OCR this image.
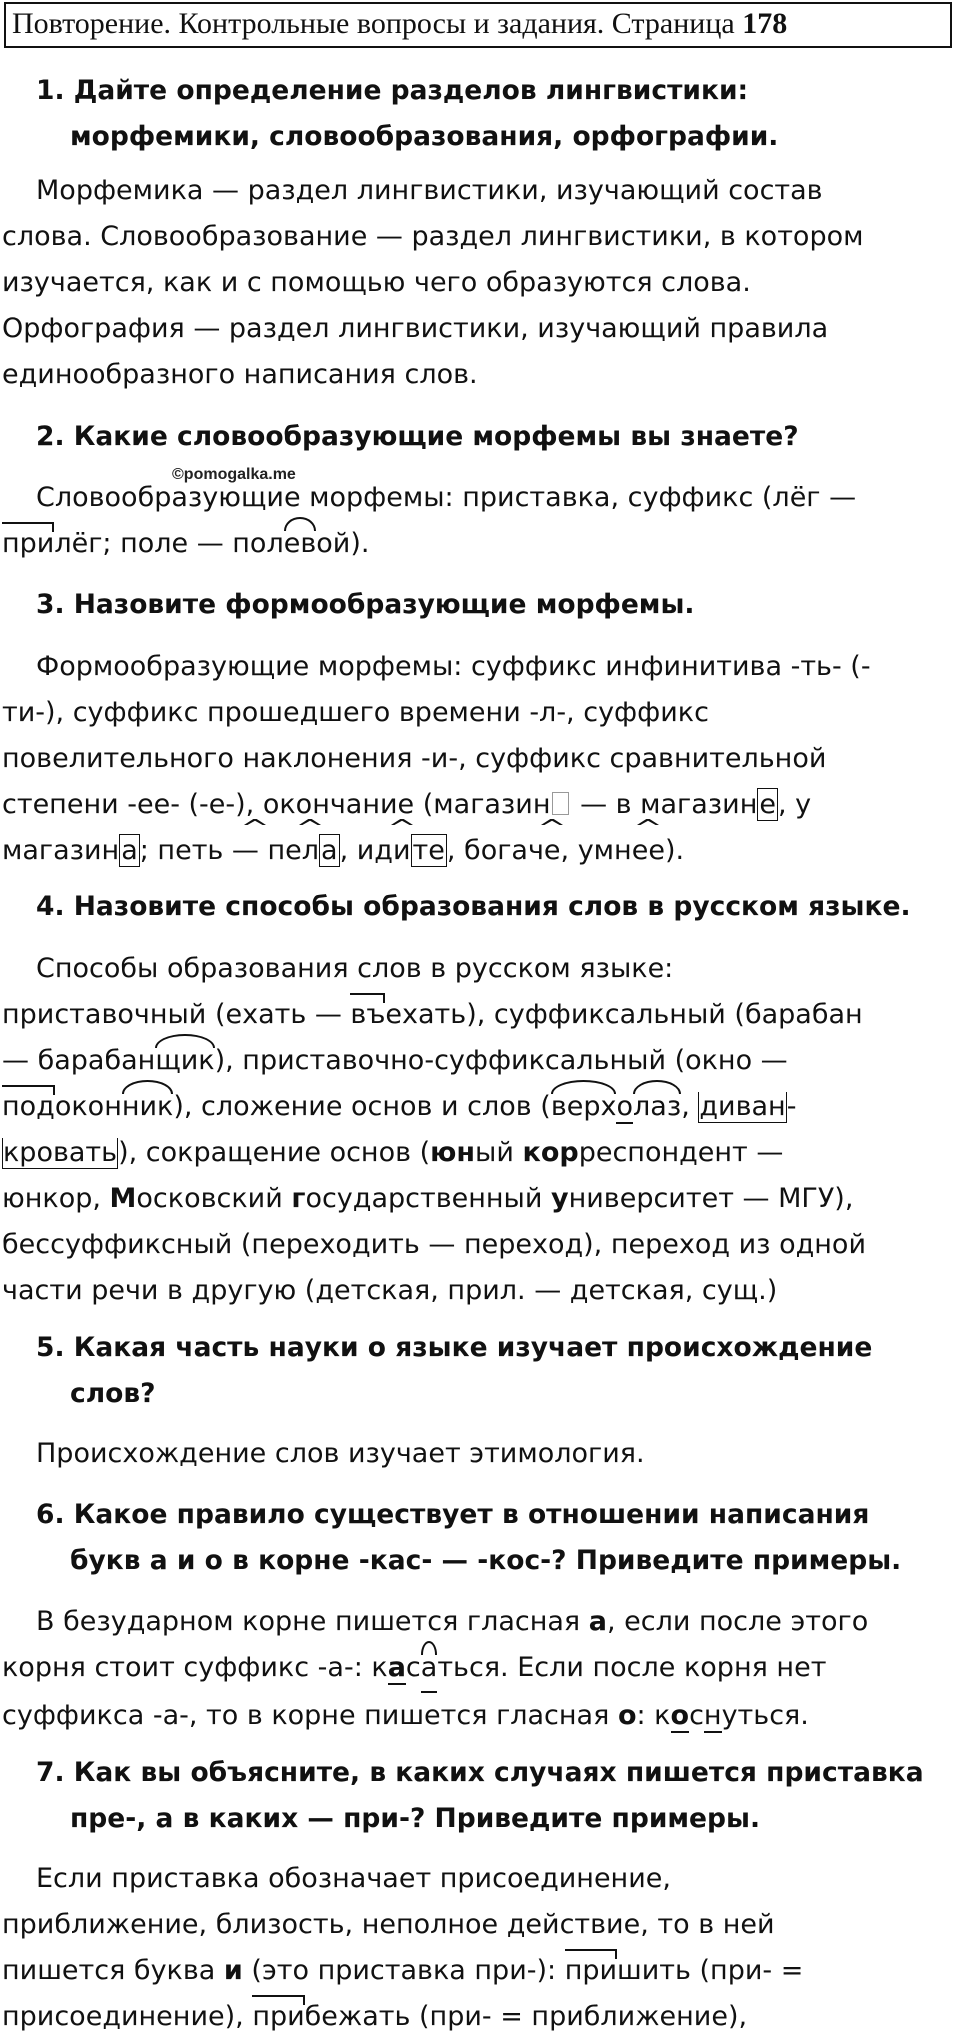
Повторение. Контрольные вопросы и задания. Страница 178
1. Дайте определение разделов лингвистики:
морфемики, словообразования, орфографии.
Морфемика — раздел лингвистики, изучающий состав
слова. Словообразование — раздел лингвистики, в котором
изучается, как и с помощью чего образуются слова.
Орфография — раздел лингвистики, изучающий правила
единообразного написания слов.
2. Какие словообразующие морфемы вы знаете?
©pomogalka.me
Словообразующие морфемы: приставка, суффикс (лёг —
прилёг; поле — полевой).
3. Назовите формообразующие морфемы.
Формообразующие морфемы: суффикс инфинитива -ть- (-
ти-), суффикс прошедшего времени -л-, суффикс
повелительного наклонения -и-, суффикс сравнительной
степени -ее- (-е-), окончание (магазин — в магазине, у
магазина; пет^ ь — пе^ ла, ид^ ите, богач^ е, умн^ ее).
4. Назовите способы образования слов в русском языке.
Способы образования слов в русском языке:
приставочный (ехать — въехать), суффиксальный (барабан
— барабанщик), приставочно-суффиксальный (окно —
подоконник), сложение основ и слов (верхолаз, диван-
кровать), сокращение основ (юный корреспондент —
юнкор, Московский государственный университет — МГУ),
бессуффиксный (переходить — переход), переход из одной
части речи в другую (детская, прил. — детская, сущ.)
5. Какая часть науки о языке изучает происхождение
слов?
Происхождение слов изучает этимология.
6. Какое правило существует в отношении написания
букв а и о в корне -кас- — -кос-? Приведите примеры.
В безударном корне пишется гласная а, если после этого
корня стоит суффикс -а-: касаться. Если после корня нет
суффикса -а-, то в корне пишется гласная о: коснуться.
7. Как вы объясните, в каких случаях пишется приставка
пре-, а в каких — при-? Приведите примеры.
Если приставка обозначает присоединение,
приближение, близость, неполное действие, то в ней
пишется буква и (это приставка при-): пришить (при- =
присоединение), прибежать (при- = приближение),
